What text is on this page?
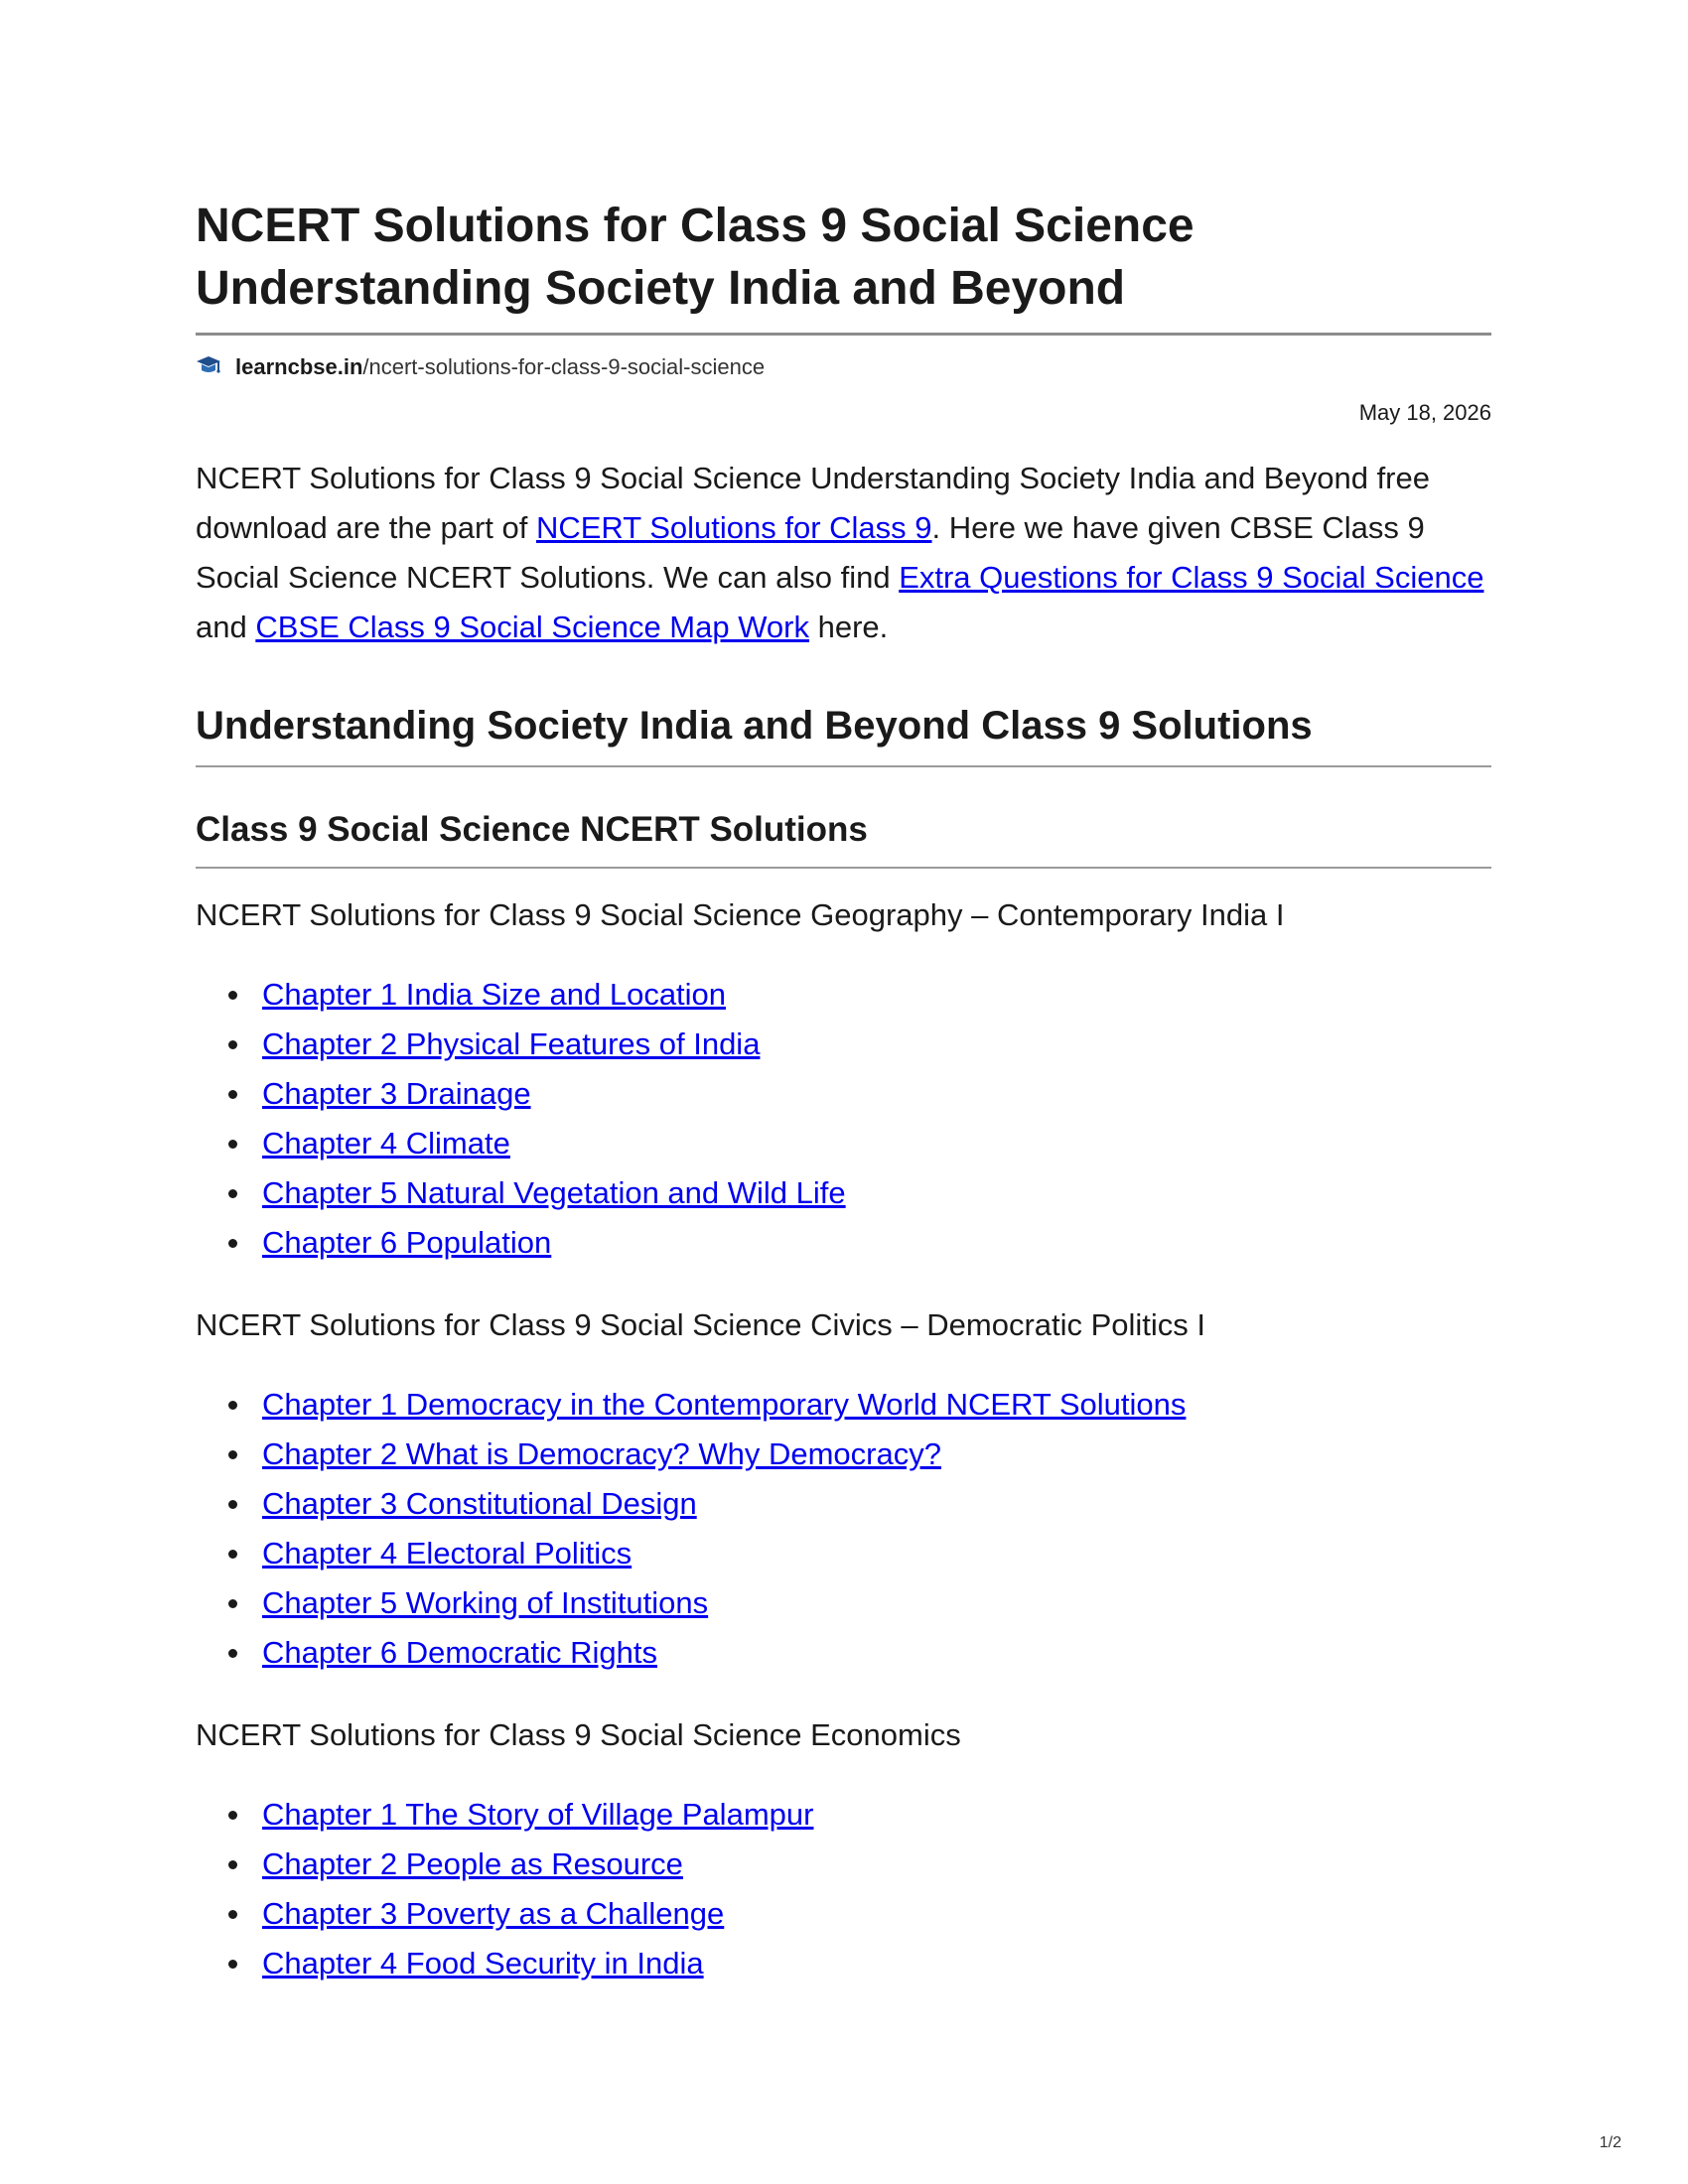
NCERT Solutions for Class 9 Social Science
Understanding Society India and Beyond
learncbse.in/ncert-solutions-for-class-9-social-science
May 18, 2026

NCERT Solutions for Class 9 Social Science Understanding Society India and Beyond free download are the part of NCERT Solutions for Class 9. Here we have given CBSE Class 9 Social Science NCERT Solutions. We can also find Extra Questions for Class 9 Social Science and CBSE Class 9 Social Science Map Work here.

Understanding Society India and Beyond Class 9 Solutions
Class 9 Social Science NCERT Solutions
NCERT Solutions for Class 9 Social Science Geography – Contemporary India I
Chapter 1 India Size and Location
Chapter 2 Physical Features of India
Chapter 3 Drainage
Chapter 4 Climate
Chapter 5 Natural Vegetation and Wild Life
Chapter 6 Population
NCERT Solutions for Class 9 Social Science Civics – Democratic Politics I
Chapter 1 Democracy in the Contemporary World NCERT Solutions
Chapter 2 What is Democracy? Why Democracy?
Chapter 3 Constitutional Design
Chapter 4 Electoral Politics
Chapter 5 Working of Institutions
Chapter 6 Democratic Rights
NCERT Solutions for Class 9 Social Science Economics
Chapter 1 The Story of Village Palampur
Chapter 2 People as Resource
Chapter 3 Poverty as a Challenge
Chapter 4 Food Security in India
1/2
